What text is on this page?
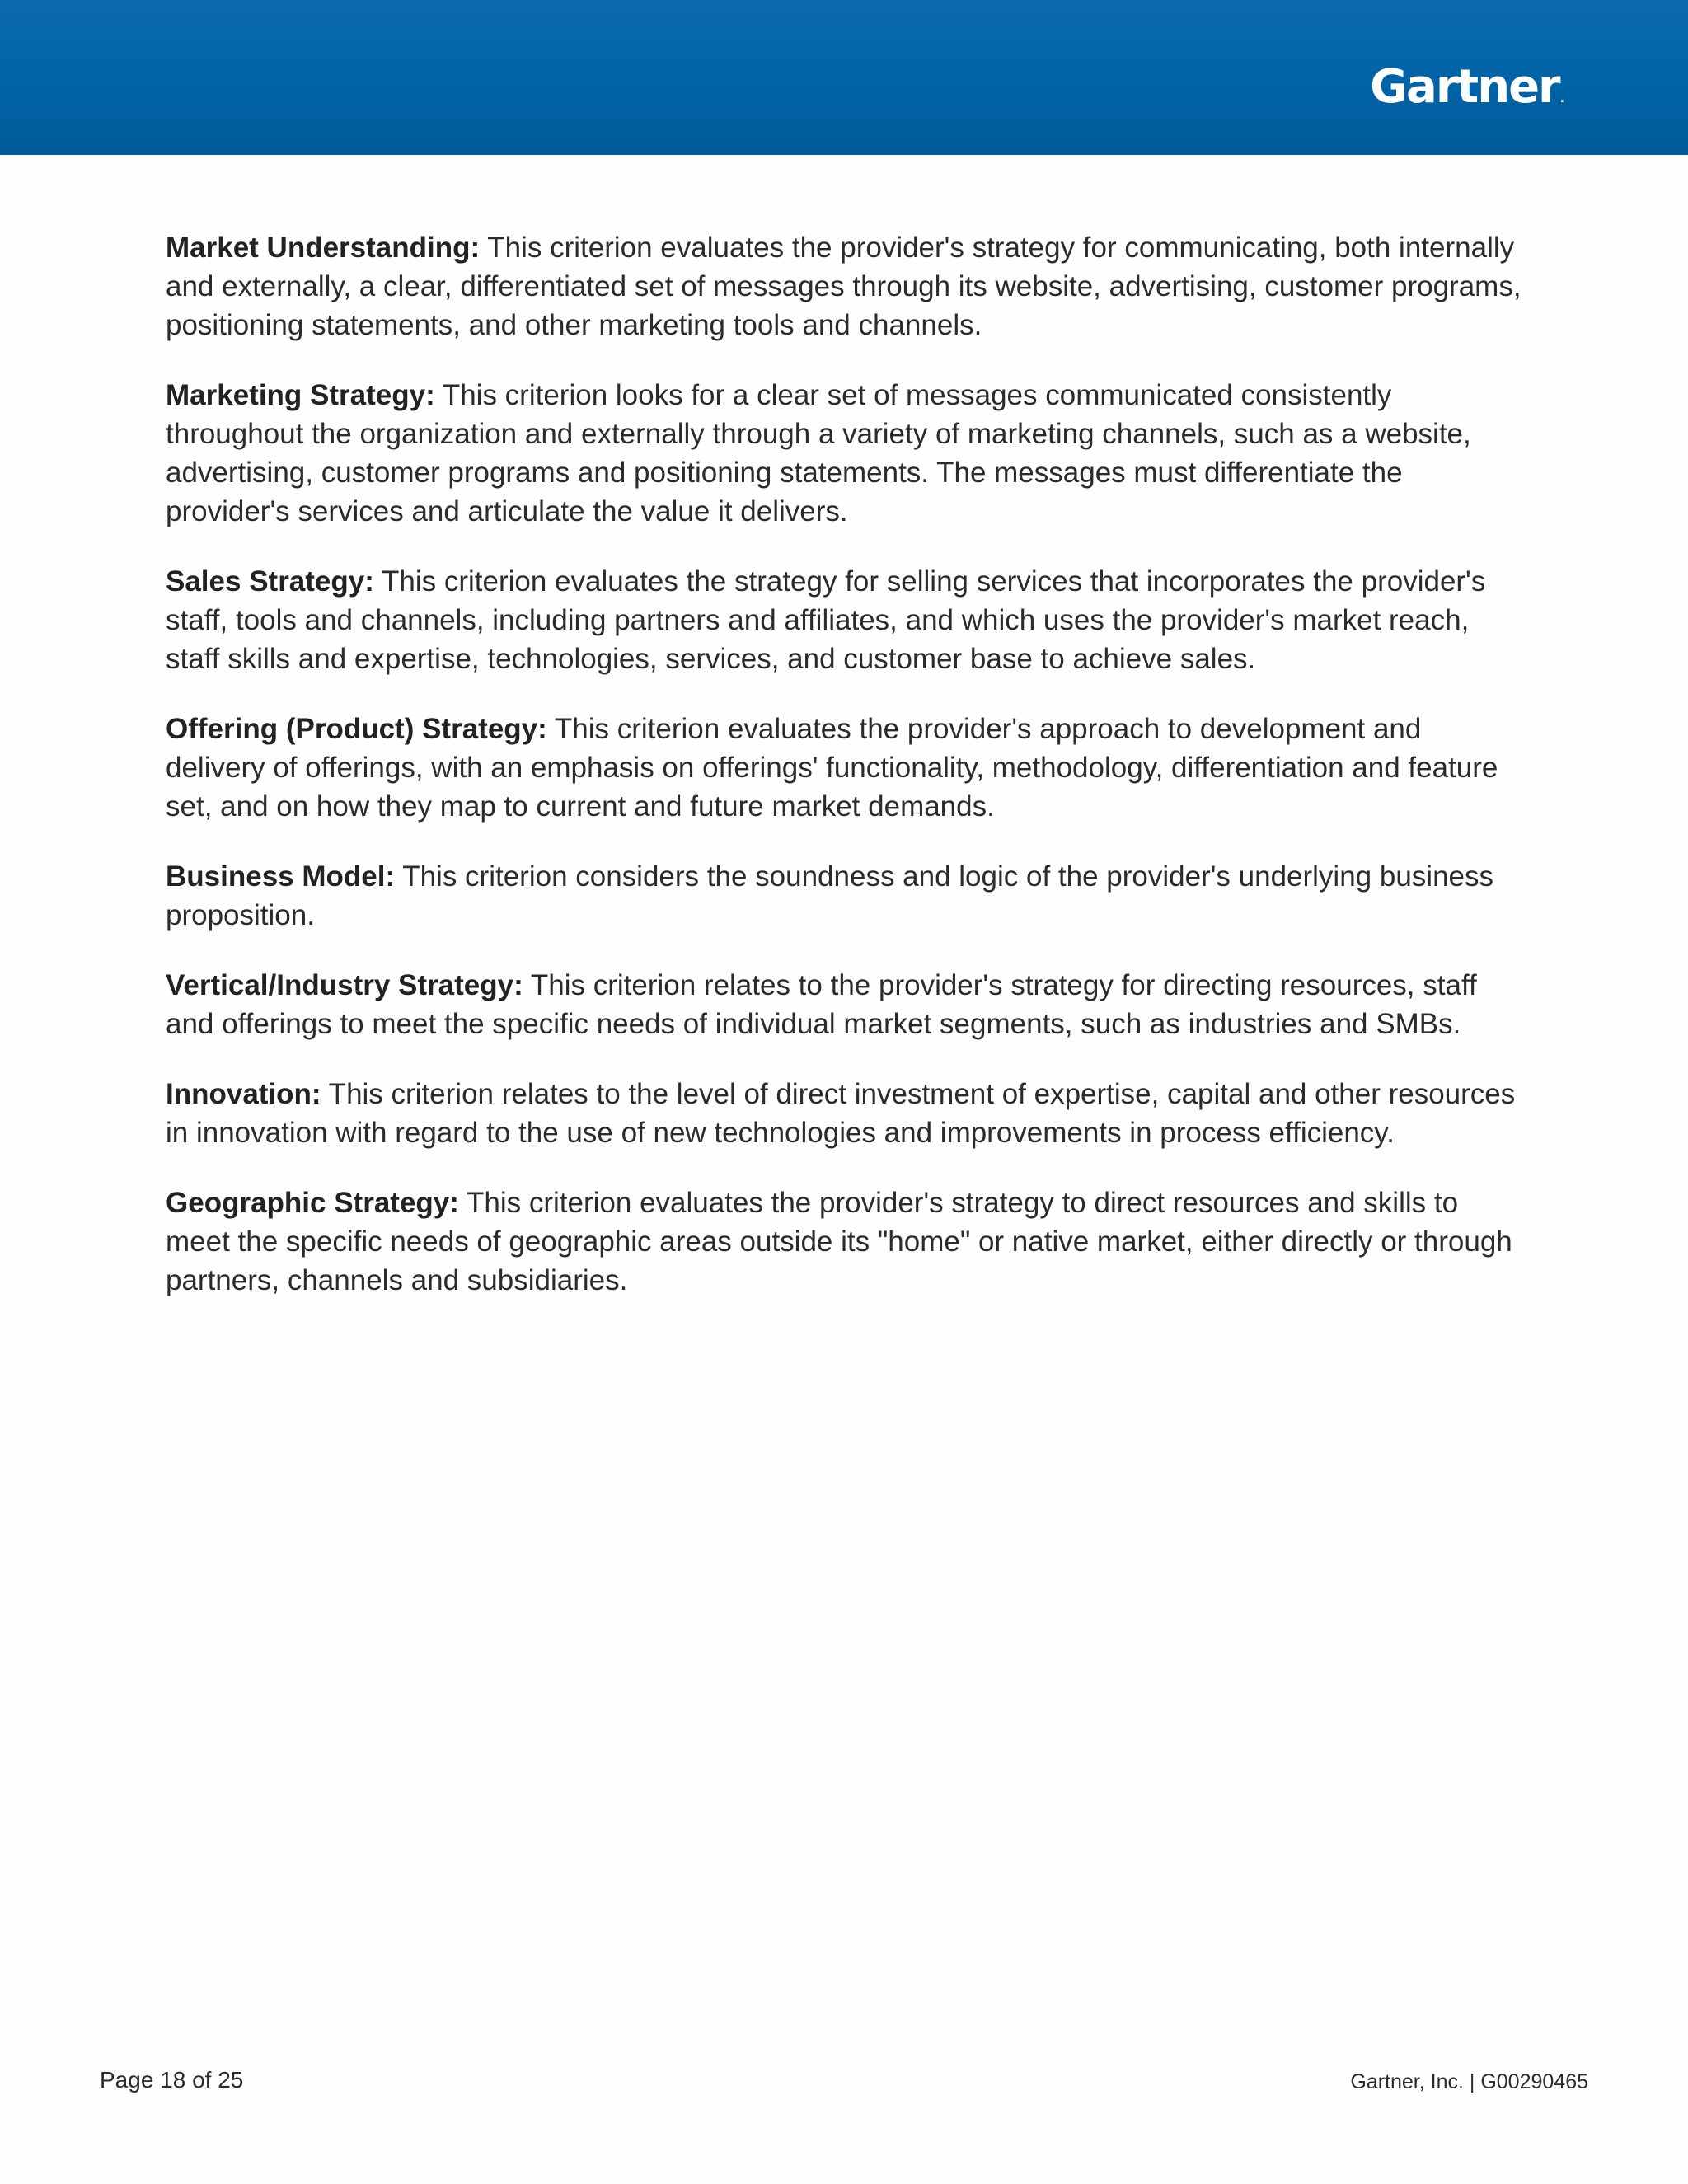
Gartner.

Market Understanding: This criterion evaluates the provider's strategy for communicating, both internally and externally, a clear, differentiated set of messages through its website, advertising, customer programs, positioning statements, and other marketing tools and channels.

Marketing Strategy: This criterion looks for a clear set of messages communicated consistently throughout the organization and externally through a variety of marketing channels, such as a website, advertising, customer programs and positioning statements. The messages must differentiate the provider's services and articulate the value it delivers.

Sales Strategy: This criterion evaluates the strategy for selling services that incorporates the provider's staff, tools and channels, including partners and affiliates, and which uses the provider's market reach, staff skills and expertise, technologies, services, and customer base to achieve sales.

Offering (Product) Strategy: This criterion evaluates the provider's approach to development and delivery of offerings, with an emphasis on offerings' functionality, methodology, differentiation and feature set, and on how they map to current and future market demands.

Business Model: This criterion considers the soundness and logic of the provider's underlying business proposition.

Vertical/Industry Strategy: This criterion relates to the provider's strategy for directing resources, staff and offerings to meet the specific needs of individual market segments, such as industries and SMBs.

Innovation: This criterion relates to the level of direct investment of expertise, capital and other resources in innovation with regard to the use of new technologies and improvements in process efficiency.

Geographic Strategy: This criterion evaluates the provider's strategy to direct resources and skills to meet the specific needs of geographic areas outside its "home" or native market, either directly or through partners, channels and subsidiaries.

Page 18 of 25	Gartner, Inc. | G00290465
